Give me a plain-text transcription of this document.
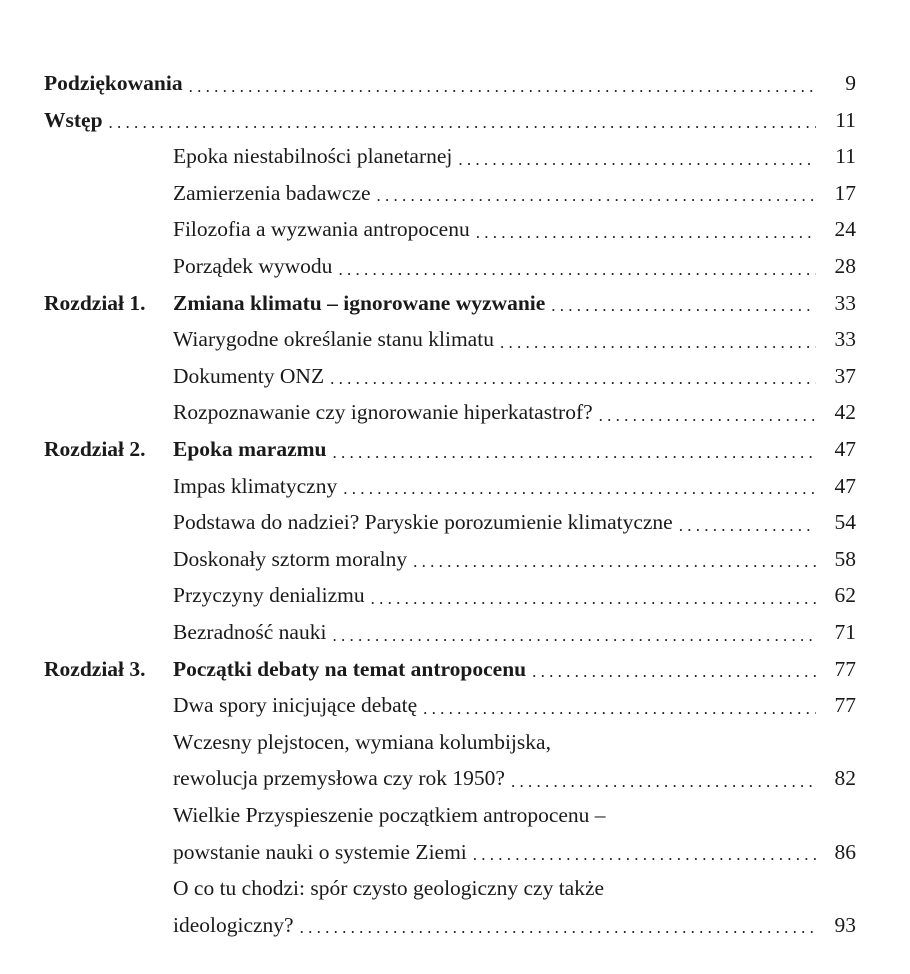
Podziękowania . . .	9
Wstęp . . .	11
Epoka niestabilności planetarnej . . .	11
Zamierzenia badawcze . . .	17
Filozofia a wyzwania antropocenu . . .	24
Porządek wywodu . . .	28
Rozdział 1.	Zmiana klimatu – ignorowane wyzwanie . . .	33
Wiarygodne określanie stanu klimatu . . .	33
Dokumenty ONZ . . .	37
Rozpoznawanie czy ignorowanie hiperkatastrof? . . .	42
Rozdział 2.	Epoka marazmu . . .	47
Impas klimatyczny . . .	47
Podstawa do nadziei? Paryskie porozumienie klimatyczne . . .	54
Doskonały sztorm moralny . . .	58
Przyczyny denializmu . . .	62
Bezradność nauki . . .	71
Rozdział 3.	Początki debaty na temat antropocenu . . .	77
Dwa spory inicjujące debatę . . .	77
Wczesny plejstocen, wymiana kolumbijska,
rewolucja przemysłowa czy rok 1950? . . .	82
Wielkie Przyspieszenie początkiem antropocenu –
powstanie nauki o systemie Ziemi . . .	86
O co tu chodzi: spór czysto geologiczny czy także
ideologiczny? . . .	93
